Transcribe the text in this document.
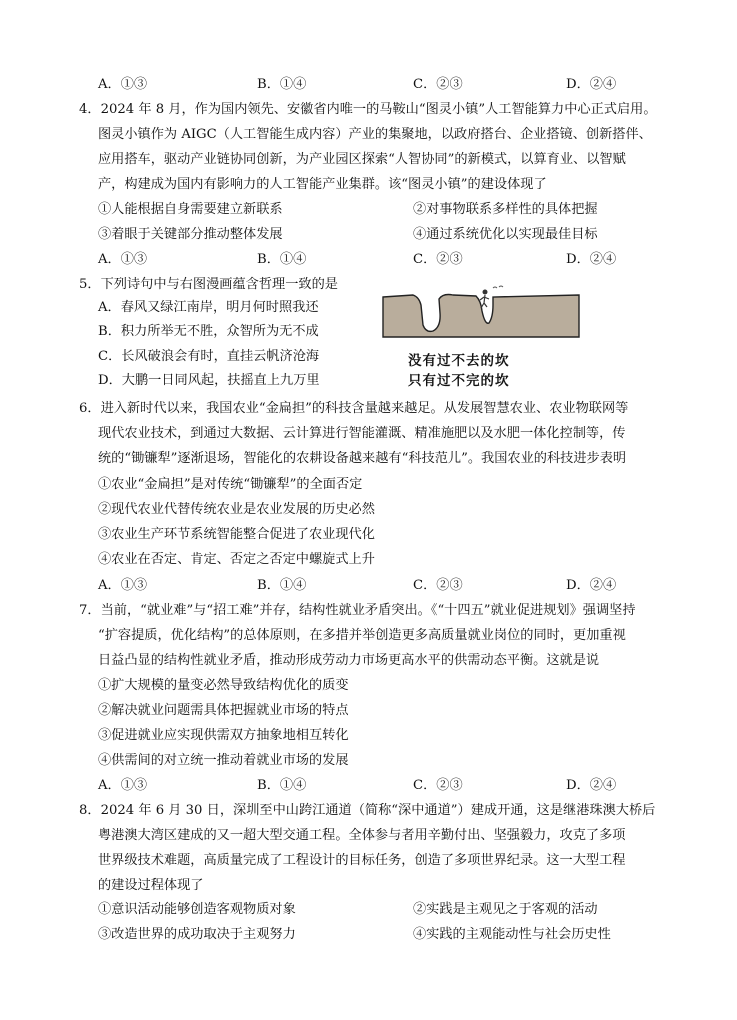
A．①③	B．①④	C．②③	D．②④
4．2024 年 8 月，作为国内领先、安徽省内唯一的马鞍山“图灵小镇”人工智能算力中心正式启用。
图灵小镇作为 AIGC（人工智能生成内容）产业的集聚地，以政府搭台、企业搭镜、创新搭伴、
应用搭车，驱动产业链协同创新，为产业园区探索“人智协同”的新模式，以算育业、以智赋
产，构建成为国内有影响力的人工智能产业集群。该“图灵小镇”的建设体现了
①人能根据自身需要建立新联系	②对事物联系多样性的具体把握
③着眼于关键部分推动整体发展	④通过系统优化以实现最佳目标
A．①③	B．①④	C．②③	D．②④
5．下列诗句中与右图漫画蕴含哲理一致的是
A．春风又绿江南岸，明月何时照我还
B．积力所举无不胜，众智所为无不成
C．长风破浪会有时，直挂云帆济沧海
D．大鹏一日同风起，扶摇直上九万里
没有过不去的坎
只有过不完的坎
6．进入新时代以来，我国农业“金扁担”的科技含量越来越足。从发展智慧农业、农业物联网等
现代农业技术，到通过大数据、云计算进行智能灌溉、精准施肥以及水肥一体化控制等，传
统的“锄镰犁”逐渐退场，智能化的农耕设备越来越有“科技范儿”。我国农业的科技进步表明
①农业“金扁担”是对传统“锄镰犁”的全面否定
②现代农业代替传统农业是农业发展的历史必然
③农业生产环节系统智能整合促进了农业现代化
④农业在否定、肯定、否定之否定中螺旋式上升
A．①③	B．①④	C．②③	D．②④
7．当前，“就业难”与“招工难”并存，结构性就业矛盾突出。《“十四五”就业促进规划》强调坚持
“扩容提质，优化结构”的总体原则，在多措并举创造更多高质量就业岗位的同时，更加重视
日益凸显的结构性就业矛盾，推动形成劳动力市场更高水平的供需动态平衡。这就是说
①扩大规模的量变必然导致结构优化的质变
②解决就业问题需具体把握就业市场的特点
③促进就业应实现供需双方抽象地相互转化
④供需间的对立统一推动着就业市场的发展
A．①③	B．①④	C．②③	D．②④
8．2024 年 6 月 30 日，深圳至中山跨江通道（简称“深中通道”）建成开通，这是继港珠澳大桥后
粤港澳大湾区建成的又一超大型交通工程。全体参与者用辛勤付出、坚强毅力，攻克了多项
世界级技术难题，高质量完成了工程设计的目标任务，创造了多项世界纪录。这一大型工程
的建设过程体现了
①意识活动能够创造客观物质对象	②实践是主观见之于客观的活动
③改造世界的成功取决于主观努力	④实践的主观能动性与社会历史性
